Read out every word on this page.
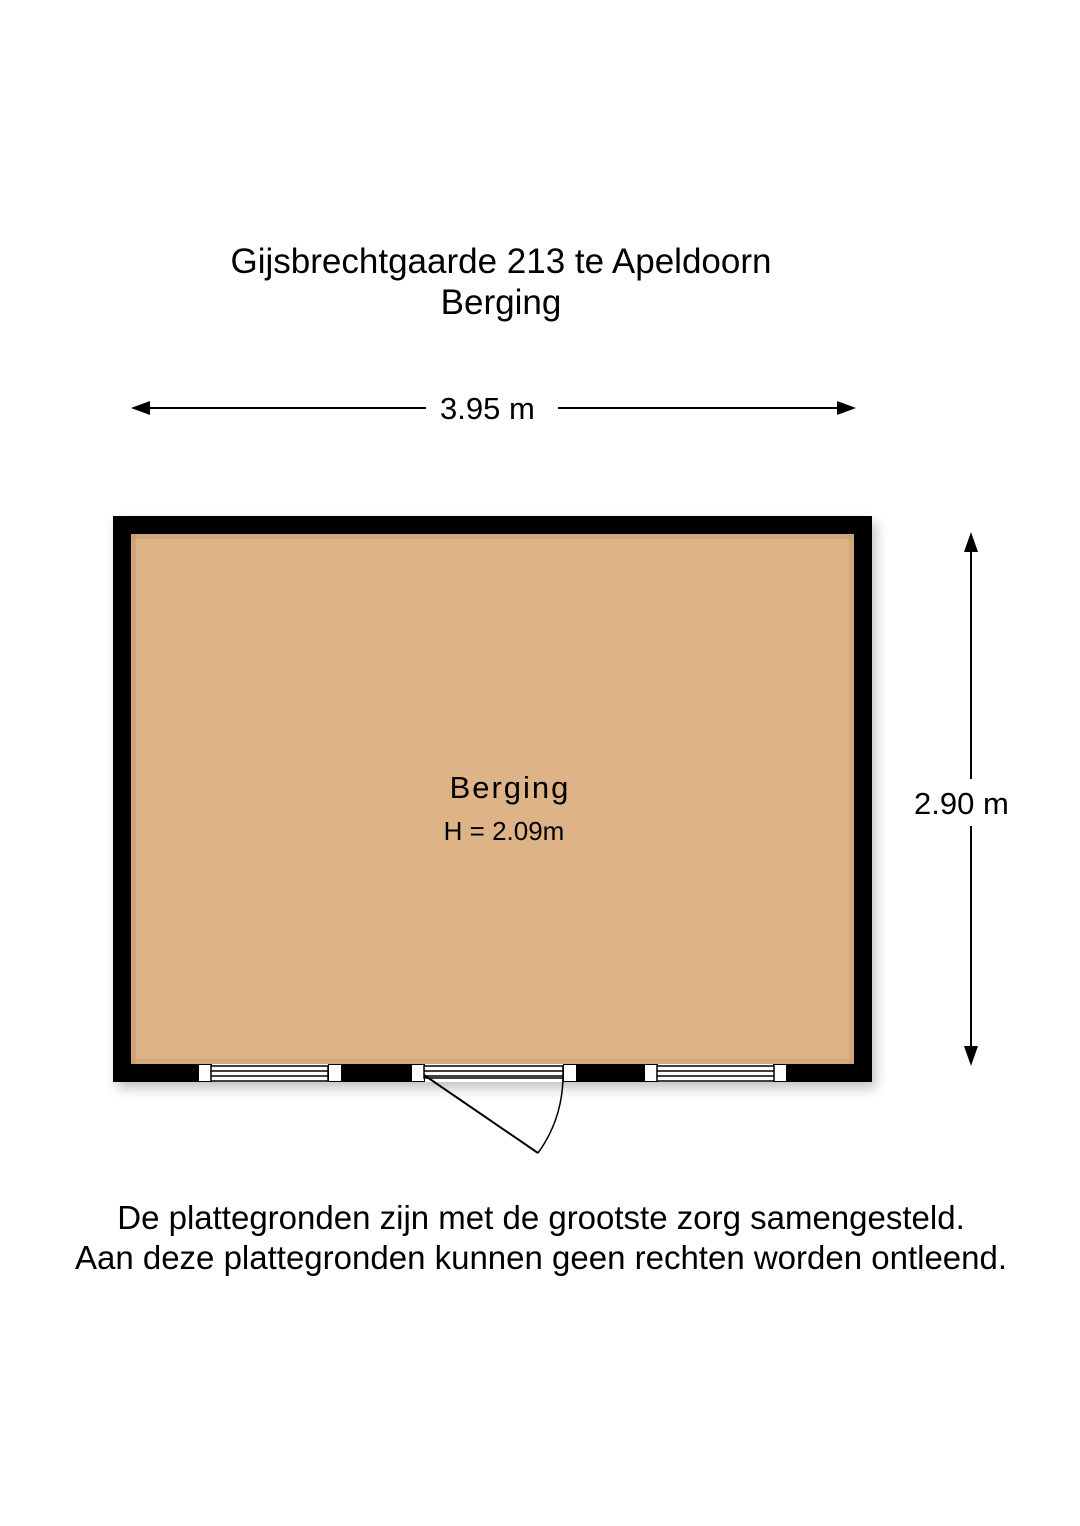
Gijsbrechtgaarde 213 te Apeldoorn
Berging
3.95 m
2.90 m
Berging
H = 2.09m
De plattegronden zijn met de grootste zorg samengesteld.
Aan deze plattegronden kunnen geen rechten worden ontleend.
